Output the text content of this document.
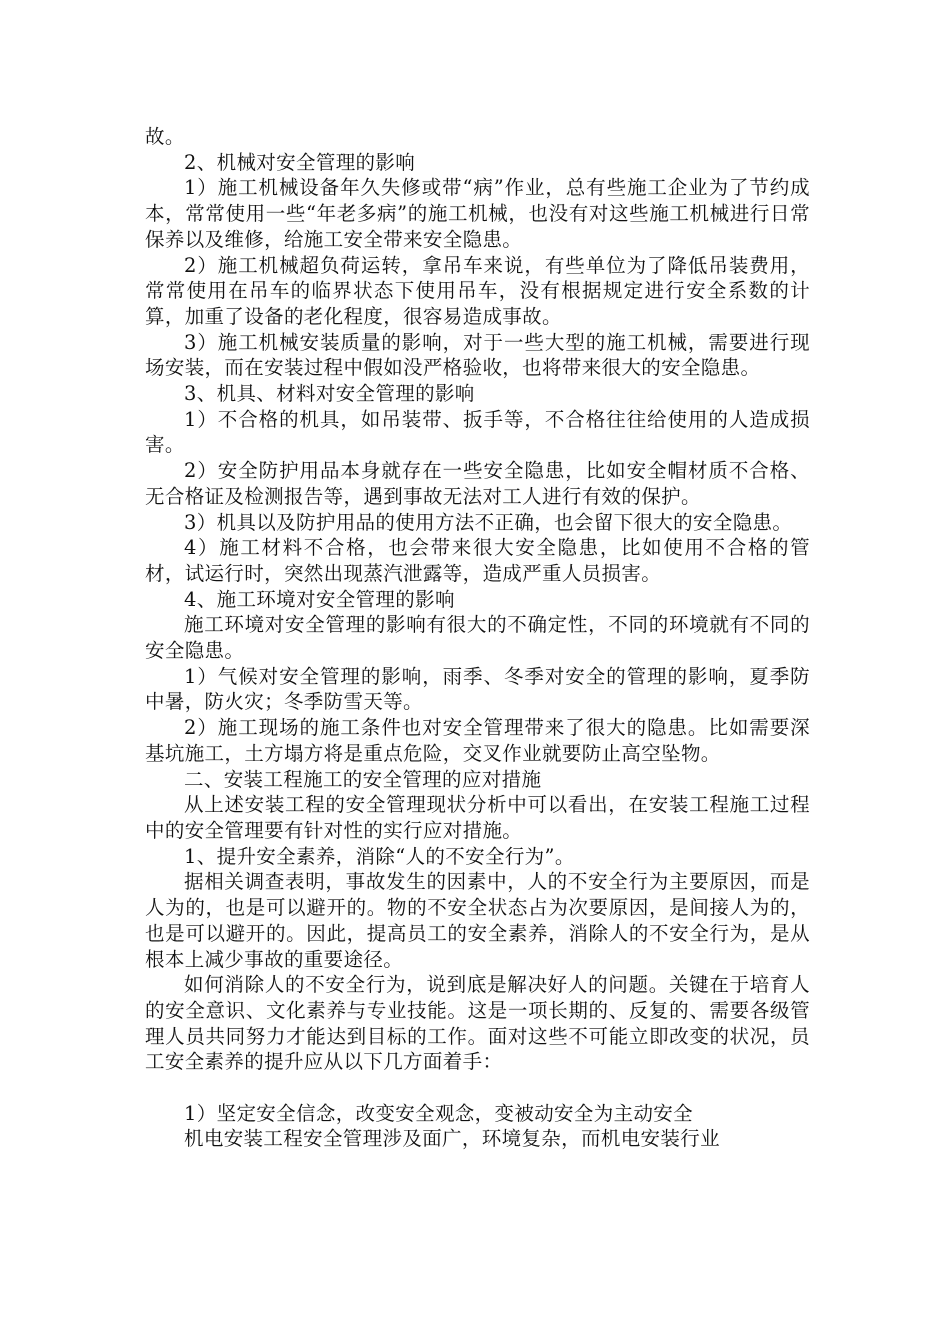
故。

2、机械对安全管理的影响

1）施工机械设备年久失修或带“病”作业，总有些施工企业为了节约成本，常常使用一些“年老多病”的施工机械，也没有对这些施工机械进行日常保养以及维修，给施工安全带来安全隐患。

2）施工机械超负荷运转，拿吊车来说，有些单位为了降低吊装费用，常常使用在吊车的临界状态下使用吊车，没有根据规定进行安全系数的计算，加重了设备的老化程度，很容易造成事故。

3）施工机械安装质量的影响，对于一些大型的施工机械，需要进行现场安装，而在安装过程中假如没严格验收，也将带来很大的安全隐患。

3、机具、材料对安全管理的影响

1）不合格的机具，如吊装带、扳手等，不合格往往给使用的人造成损害。

2）安全防护用品本身就存在一些安全隐患，比如安全帽材质不合格、无合格证及检测报告等，遇到事故无法对工人进行有效的保护。

3）机具以及防护用品的使用方法不正确，也会留下很大的安全隐患。

4）施工材料不合格，也会带来很大安全隐患，比如使用不合格的管材，试运行时，突然出现蒸汽泄露等，造成严重人员损害。

4、施工环境对安全管理的影响

施工环境对安全管理的影响有很大的不确定性，不同的环境就有不同的安全隐患。

1）气候对安全管理的影响，雨季、冬季对安全的管理的影响，夏季防中暑，防火灾；冬季防雪天等。

2）施工现场的施工条件也对安全管理带来了很大的隐患。比如需要深基坑施工，土方塌方将是重点危险，交叉作业就要防止高空坠物。

二、安装工程施工的安全管理的应对措施

从上述安装工程的安全管理现状分析中可以看出，在安装工程施工过程中的安全管理要有针对性的实行应对措施。

1、提升安全素养，消除“人的不安全行为”。

据相关调查表明，事故发生的因素中，人的不安全行为主要原因，而是人为的，也是可以避开的。物的不安全状态占为次要原因，是间接人为的，也是可以避开的。因此，提高员工的安全素养，消除人的不安全行为，是从根本上减少事故的重要途径。

如何消除人的不安全行为，说到底是解决好人的问题。关键在于培育人的安全意识、文化素养与专业技能。这是一项长期的、反复的、需要各级管理人员共同努力才能达到目标的工作。面对这些不可能立即改变的状况，员工安全素养的提升应从以下几方面着手：

1）坚定安全信念，改变安全观念，变被动安全为主动安全

机电安装工程安全管理涉及面广，环境复杂，而机电安装行业
